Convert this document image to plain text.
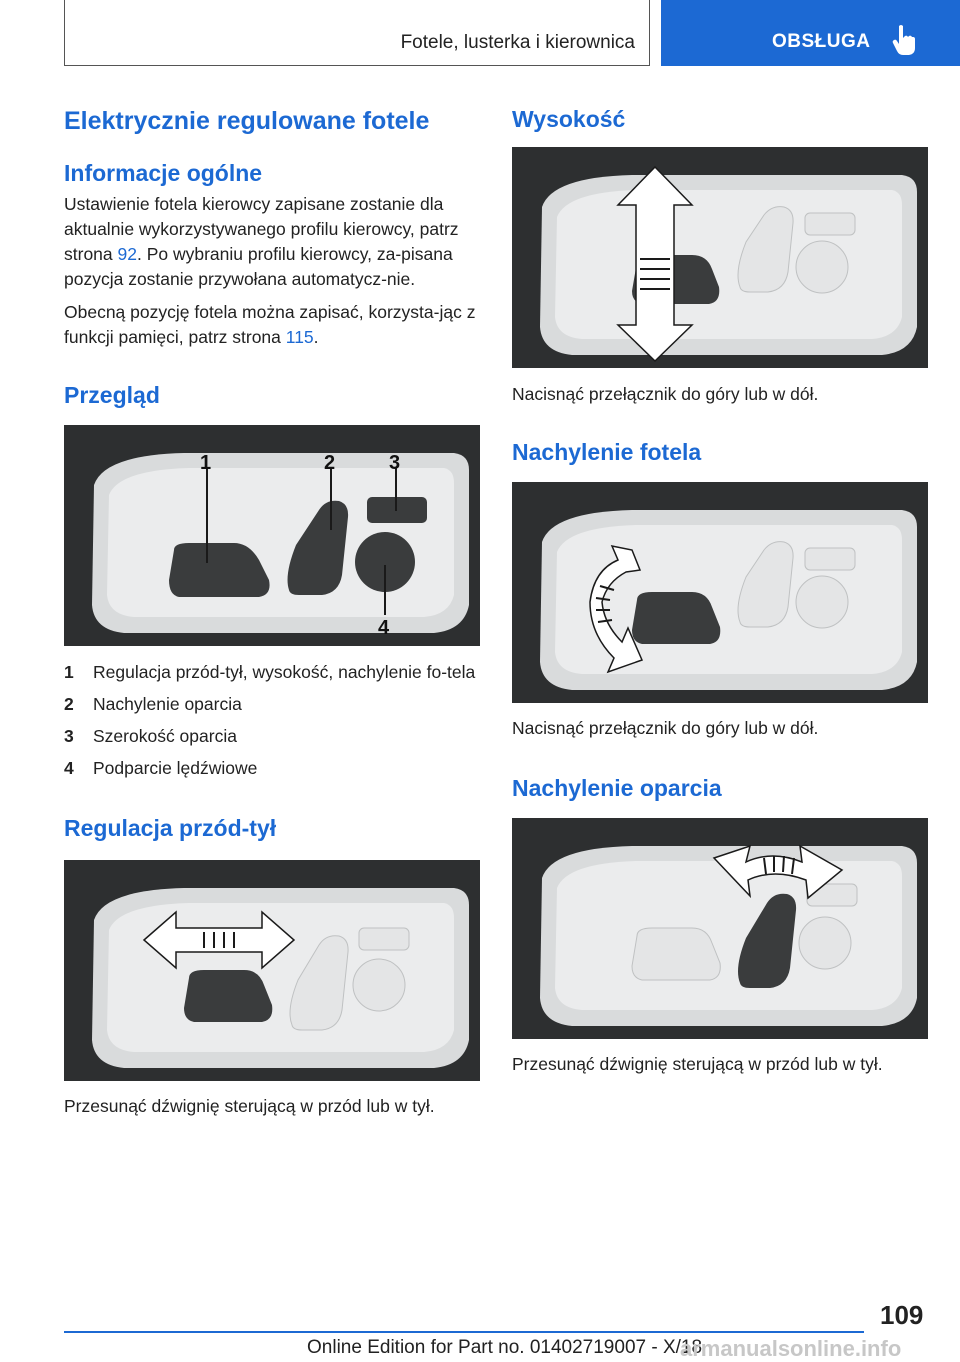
Fotele, lusterka i kierownica	OBSŁUGA
Elektrycznie regulowane fotele
Informacje ogólne

Ustawienie fotela kierowcy zapisane zostanie dla aktualnie wykorzystywanego profilu kierowcy, patrz strona 92. Po wybraniu profilu kierowcy, za-pisana pozycja zostanie przywołana automatycz-nie.

Obecną pozycję fotela można zapisać, korzysta-jąc z funkcji pamięci, patrz strona 115.

Przegląd
1	2	3
4
1	Regulacja przód-tył, wysokość, nachylenie fo-tela
2	Nachylenie oparcia
3	Szerokość oparcia
4	Podparcie lędźwiowe
Regulacja przód-tył

Przesunąć dźwignię sterującą w przód lub w tył.

Wysokość

Nacisnąć przełącznik do góry lub w dół.

Nachylenie fotela

Nacisnąć przełącznik do góry lub w dół.

Nachylenie oparcia

Przesunąć dźwignię sterującą w przód lub w tył.

109
Online Edition for Part no. 01402719007 - X/18
armanualsonline.info
